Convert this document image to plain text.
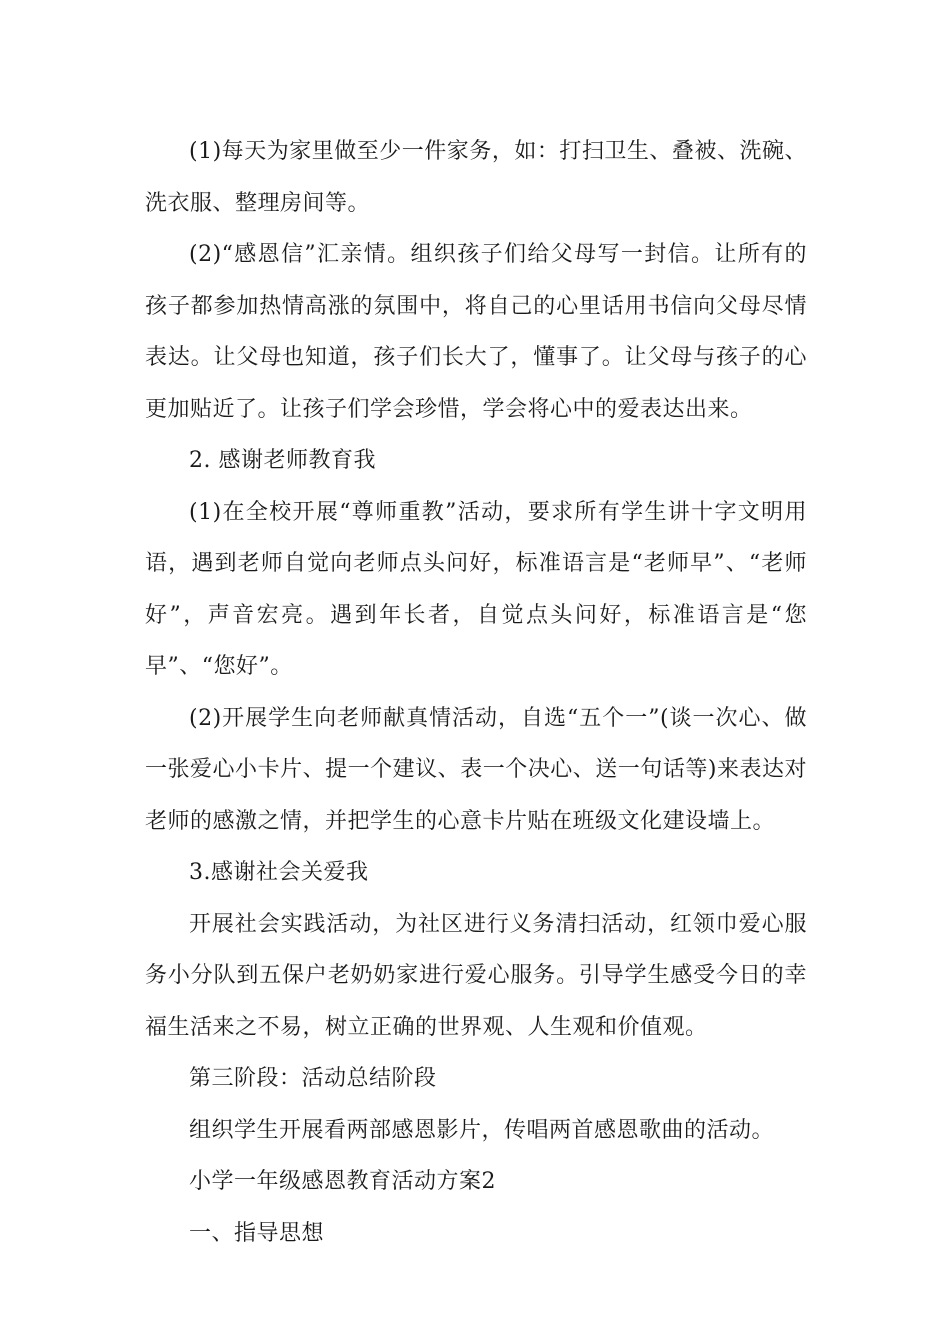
(1)每天为家里做至少一件家务，如：打扫卫生、叠被、洗碗、洗衣服、整理房间等。

(2)“感恩信”汇亲情。组织孩子们给父母写一封信。让所有的孩子都参加热情高涨的氛围中，将自己的心里话用书信向父母尽情表达。让父母也知道，孩子们长大了，懂事了。让父母与孩子的心更加贴近了。让孩子们学会珍惜，学会将心中的爱表达出来。

2. 感谢老师教育我

(1)在全校开展“尊师重教”活动，要求所有学生讲十字文明用语，遇到老师自觉向老师点头问好，标准语言是“老师早”、“老师好”，声音宏亮。遇到年长者，自觉点头问好，标准语言是“您早”、“您好”。

(2)开展学生向老师献真情活动，自选“五个一”(谈一次心、做一张爱心小卡片、提一个建议、表一个决心、送一句话等)来表达对老师的感激之情，并把学生的心意卡片贴在班级文化建设墙上。

3.感谢社会关爱我

开展社会实践活动，为社区进行义务清扫活动，红领巾爱心服务小分队到五保户老奶奶家进行爱心服务。引导学生感受今日的幸福生活来之不易，树立正确的世界观、人生观和价值观。

第三阶段：活动总结阶段

组织学生开展看两部感恩影片，传唱两首感恩歌曲的活动。

小学一年级感恩教育活动方案2

一、指导思想
